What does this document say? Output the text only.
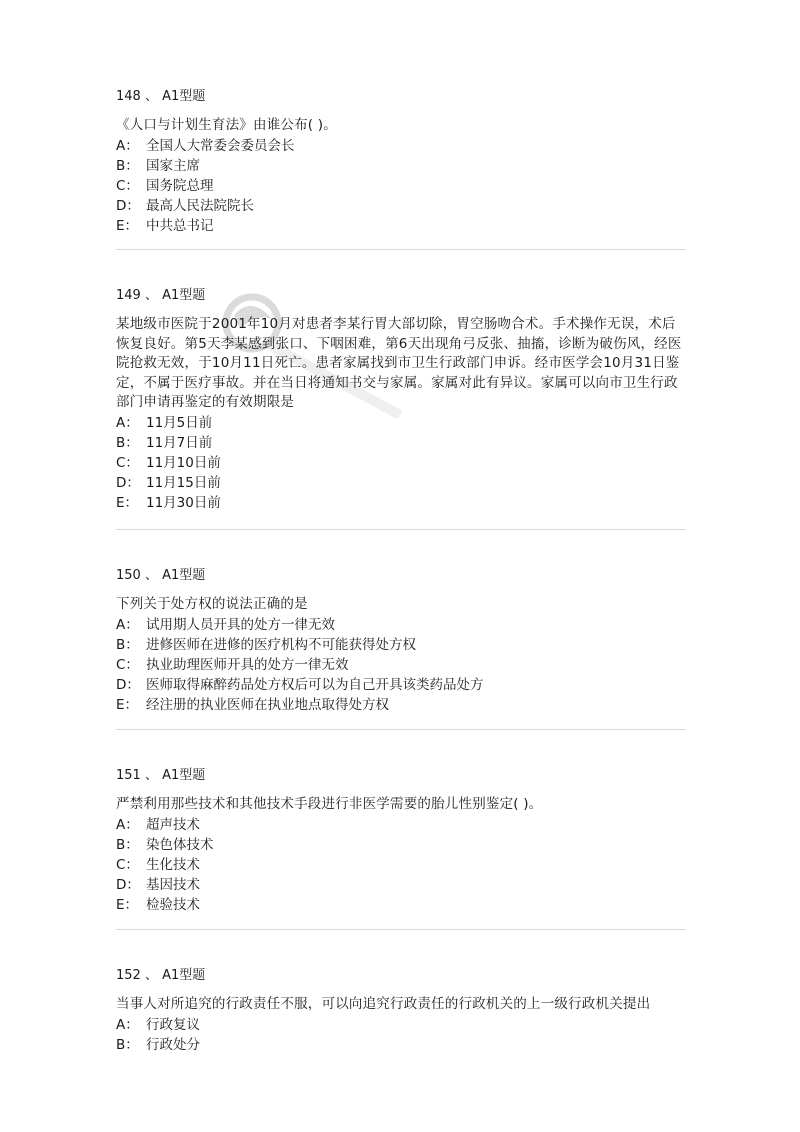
148 、 A1型题
《人口与计划生育法》由谁公布( )。
A： 全国人大常委会委员会长
B： 国家主席
C： 国务院总理
D： 最高人民法院院长
E： 中共总书记
149 、 A1型题
某地级市医院于2001年10月对患者李某行胃大部切除，胃空肠吻合术。手术操作无误，术后恢复良好。第5天李某感到张口、下咽困难，第6天出现角弓反张、抽搐，诊断为破伤风，经医院抢救无效，于10月11日死亡。患者家属找到市卫生行政部门申诉。经市医学会10月31日鉴定，不属于医疗事故。并在当日将通知书交与家属。家属对此有异议。家属可以向市卫生行政部门申请再鉴定的有效期限是
A： 11月5日前
B： 11月7日前
C： 11月10日前
D： 11月15日前
E： 11月30日前
150 、 A1型题
下列关于处方权的说法正确的是
A： 试用期人员开具的处方一律无效
B： 进修医师在进修的医疗机构不可能获得处方权
C： 执业助理医师开具的处方一律无效
D： 医师取得麻醉药品处方权后可以为自己开具该类药品处方
E： 经注册的执业医师在执业地点取得处方权
151 、 A1型题
严禁利用那些技术和其他技术手段进行非医学需要的胎儿性别鉴定( )。
A： 超声技术
B： 染色体技术
C： 生化技术
D： 基因技术
E： 检验技术
152 、 A1型题
当事人对所追究的行政责任不服，可以向追究行政责任的行政机关的上一级行政机关提出
A： 行政复议
B： 行政处分
